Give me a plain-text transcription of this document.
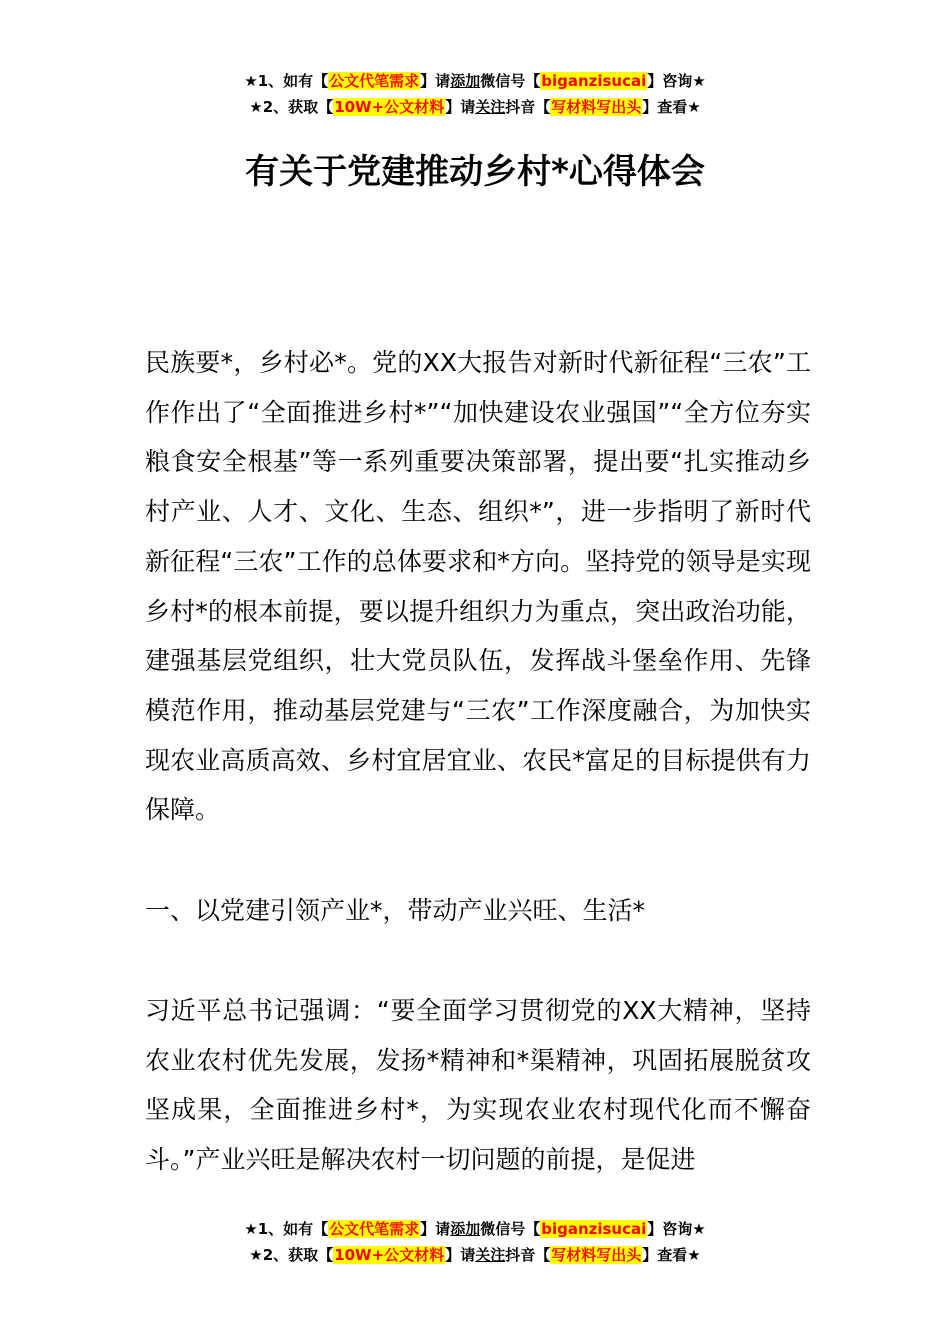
★1、如有【公文代笔需求】请添加微信号【biganzisucai】咨询★
★2、获取【10W+公文材料】请关注抖音【写材料写出头】查看★
有关于党建推动乡村*心得体会

民族要*，乡村必*。党的XX大报告对新时代新征程“三农”工作作出了“全面推进乡村*”“加快建设农业强国”“全方位夯实粮食安全根基”等一系列重要决策部署，提出要“扎实推动乡村产业、人才、文化、生态、组织*”，进一步指明了新时代新征程“三农”工作的总体要求和*方向。坚持党的领导是实现乡村*的根本前提，要以提升组织力为重点，突出政治功能，建强基层党组织，壮大党员队伍，发挥战斗堡垒作用、先锋模范作用，推动基层党建与“三农”工作深度融合，为加快实现农业高质高效、乡村宜居宜业、农民*富足的目标提供有力保障。

一、以党建引领产业*，带动产业兴旺、生活*

习近平总书记强调：“要全面学习贯彻党的XX大精神，坚持农业农村优先发展，发扬*精神和*渠精神，巩固拓展脱贫攻坚成果，全面推进乡村*，为实现农业农村现代化而不懈奋斗。”产业兴旺是解决农村一切问题的前提，是促进

★1、如有【公文代笔需求】请添加微信号【biganzisucai】咨询★
★2、获取【10W+公文材料】请关注抖音【写材料写出头】查看★
